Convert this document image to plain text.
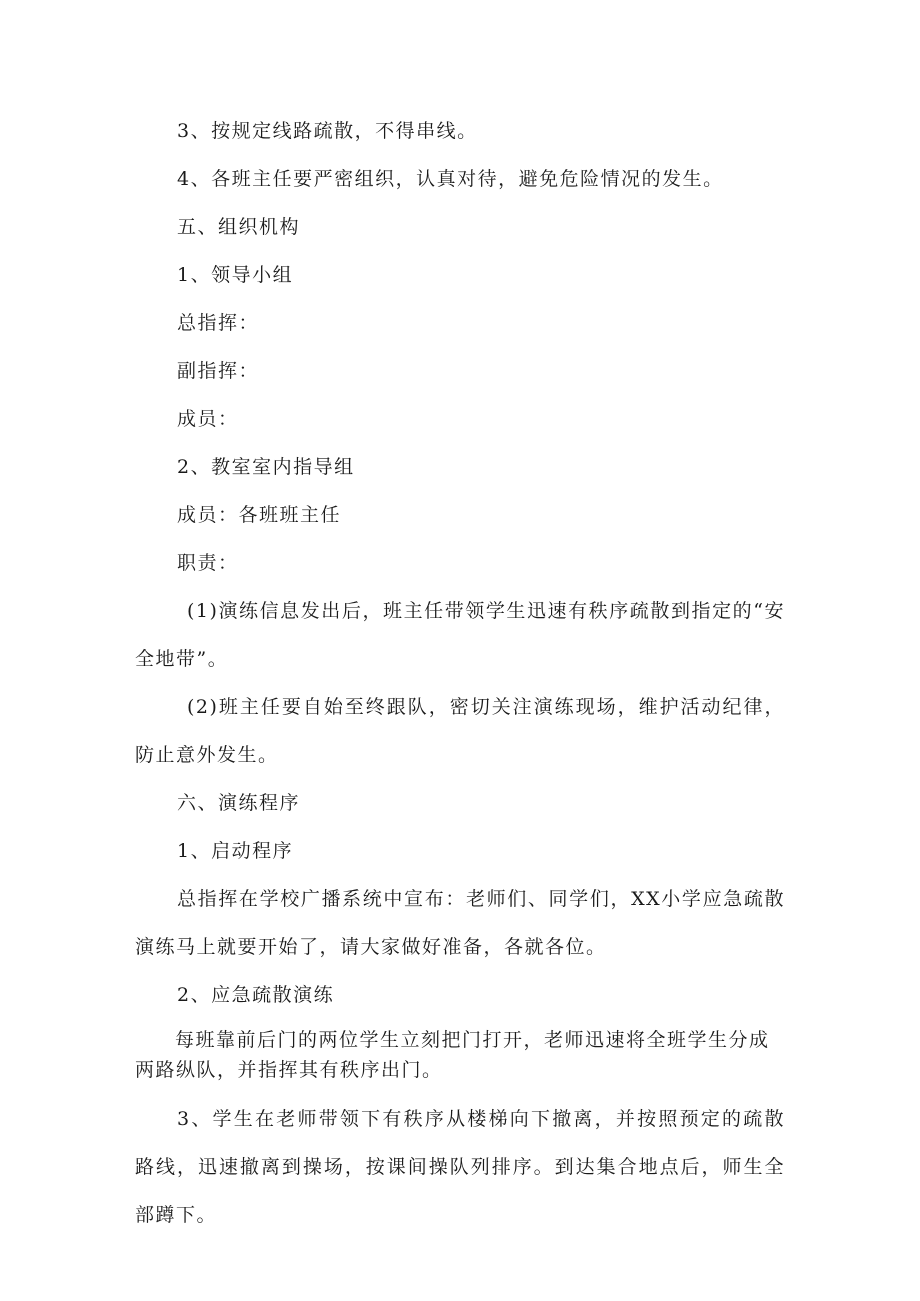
3、按规定线路疏散，不得串线。
4、各班主任要严密组织，认真对待，避免危险情况的发生。
五、组织机构
1、领导小组
总指挥：
副指挥：
成员：
2、教室室内指导组
成员：各班班主任
职责：
(1)演练信息发出后，班主任带领学生迅速有秩序疏散到指定的“安全地带”。
(2)班主任要自始至终跟队，密切关注演练现场，维护活动纪律，防止意外发生。
六、演练程序
1、启动程序
总指挥在学校广播系统中宣布：老师们、同学们，XX小学应急疏散演练马上就要开始了，请大家做好准备，各就各位。
2、应急疏散演练
每班靠前后门的两位学生立刻把门打开，老师迅速将全班学生分成两路纵队，并指挥其有秩序出门。
3、学生在老师带领下有秩序从楼梯向下撤离，并按照预定的疏散路线，迅速撤离到操场，按课间操队列排序。到达集合地点后，师生全部蹲下。
